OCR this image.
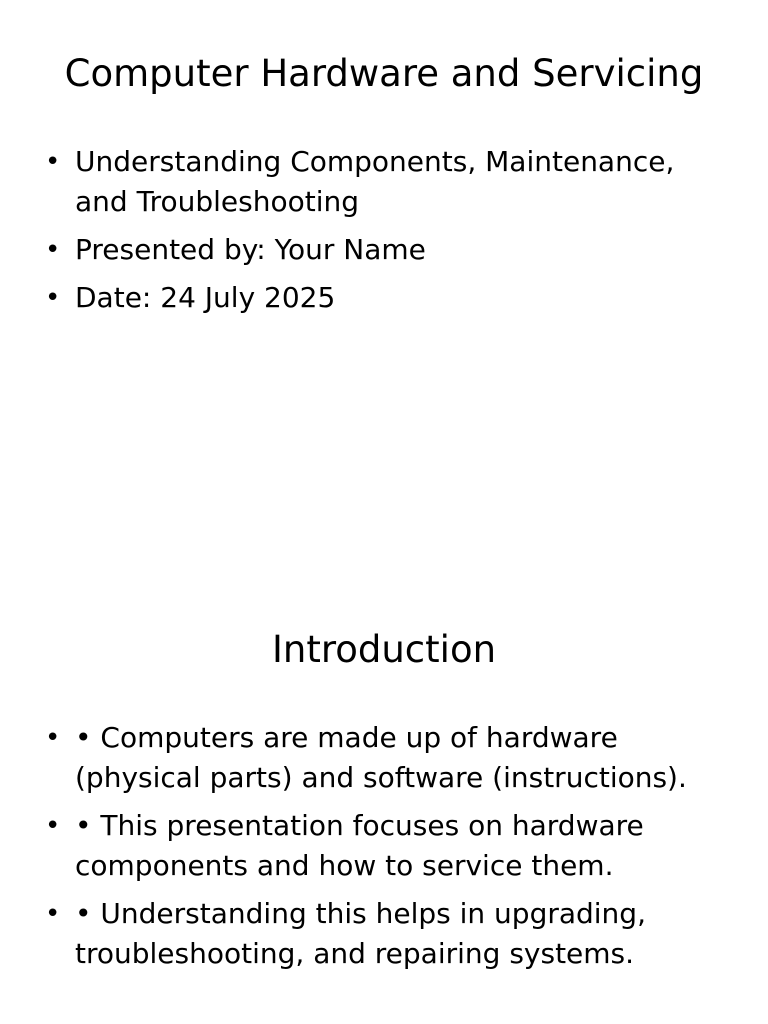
Computer Hardware and Servicing
• Understanding Components, Maintenance, and Troubleshooting
• Presented by: Your Name
• Date: 24 July 2025
Introduction
• • Computers are made up of hardware (physical parts) and software (instructions).
• • This presentation focuses on hardware components and how to service them.
• • Understanding this helps in upgrading, troubleshooting, and repairing systems.
